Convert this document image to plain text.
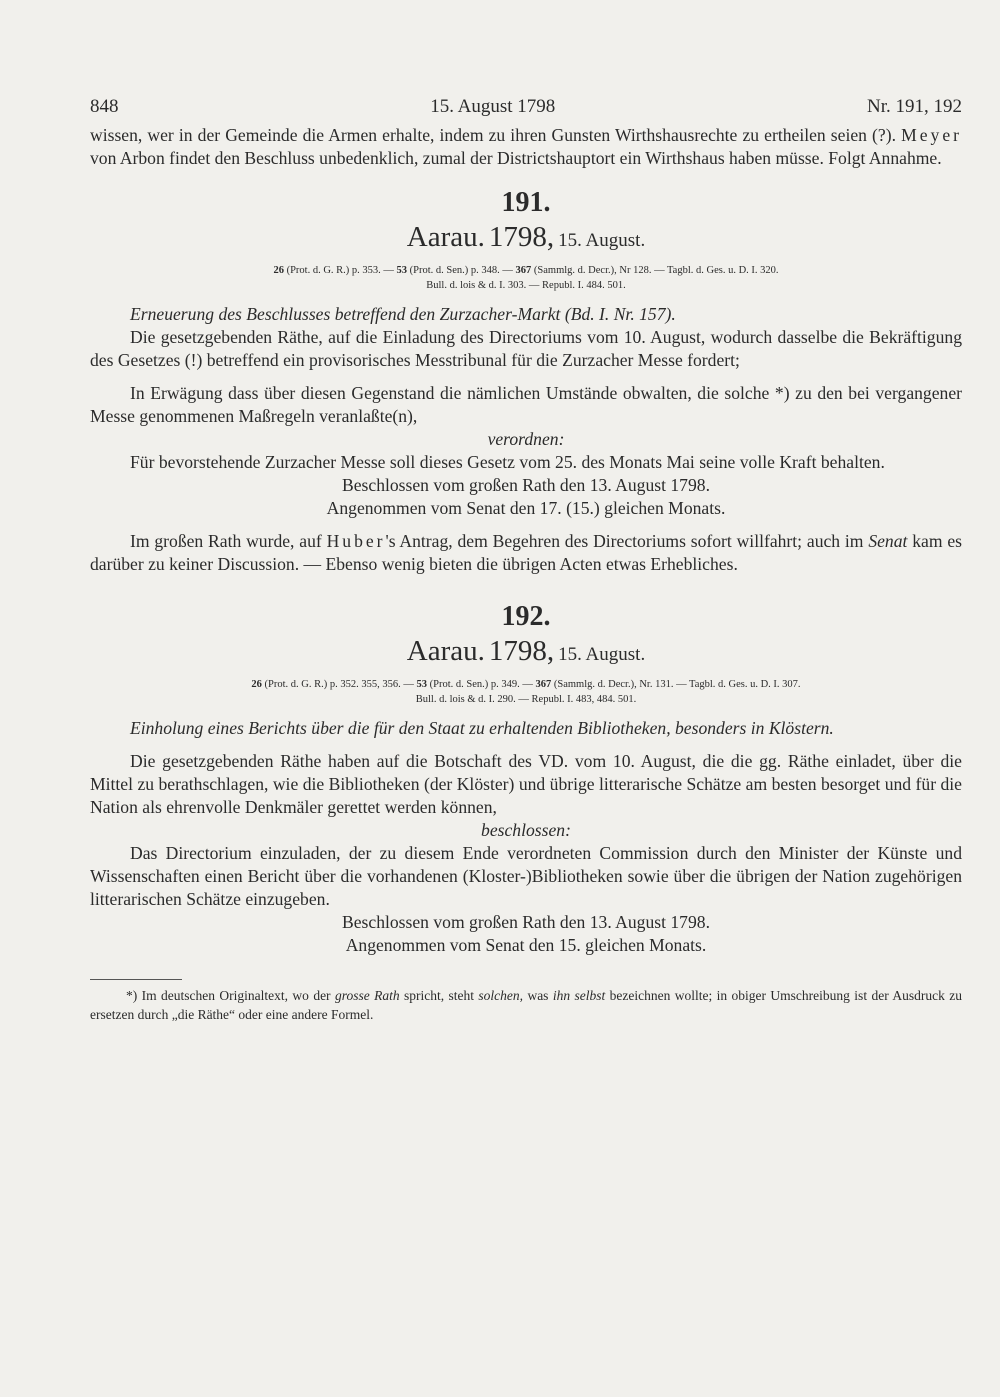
848	15. August 1798	Nr. 191, 192

wissen, wer in der Gemeinde die Armen erhalte, indem zu ihren Gunsten Wirthshausrechte zu ertheilen seien (?). Meyer von Arbon findet den Beschluss unbedenklich, zumal der Districtshauptort ein Wirthshaus haben müsse. Folgt Annahme.

191.
Aarau. 1798, 15. August.
26 (Prot. d. G. R.) p. 353. — 53 (Prot. d. Sen.) p. 348. — 367 (Sammlg. d. Decr.), Nr 128. — Tagbl. d. Ges. u. D. I. 320.
Bull. d. lois & d. I. 303. — Republ. I. 484. 501.
Erneuerung des Beschlusses betreffend den Zurzacher-Markt (Bd. I. Nr. 157).

Die gesetzgebenden Räthe, auf die Einladung des Directoriums vom 10. August, wodurch dasselbe die Bekräftigung des Gesetzes (!) betreffend ein provisorisches Messtribunal für die Zurzacher Messe fordert;

In Erwägung dass über diesen Gegenstand die nämlichen Umstände obwalten, die solche *) zu den bei vergangener Messe genommenen Maßregeln veranlaßte(n),

verordnen:

Für bevorstehende Zurzacher Messe soll dieses Gesetz vom 25. des Monats Mai seine volle Kraft behalten.

Beschlossen vom großen Rath den 13. August 1798.

Angenommen vom Senat den 17. (15.) gleichen Monats.

Im großen Rath wurde, auf Huber's Antrag, dem Begehren des Directoriums sofort willfahrt; auch im Senat kam es darüber zu keiner Discussion. — Ebenso wenig bieten die übrigen Acten etwas Erhebliches.

192.
Aarau. 1798, 15. August.
26 (Prot. d. G. R.) p. 352. 355, 356. — 53 (Prot. d. Sen.) p. 349. — 367 (Sammlg. d. Decr.), Nr. 131. — Tagbl. d. Ges. u. D. I. 307.
Bull. d. lois & d. I. 290. — Republ. I. 483, 484. 501.
Einholung eines Berichts über die für den Staat zu erhaltenden Bibliotheken, besonders in Klöstern.

Die gesetzgebenden Räthe haben auf die Botschaft des VD. vom 10. August, die die gg. Räthe einladet, über die Mittel zu berathschlagen, wie die Bibliotheken (der Klöster) und übrige litterarische Schätze am besten besorget und für die Nation als ehrenvolle Denkmäler gerettet werden können,

beschlossen:

Das Directorium einzuladen, der zu diesem Ende verordneten Commission durch den Minister der Künste und Wissenschaften einen Bericht über die vorhandenen (Kloster-)Bibliotheken sowie über die übrigen der Nation zugehörigen litterarischen Schätze einzugeben.

Beschlossen vom großen Rath den 13. August 1798.

Angenommen vom Senat den 15. gleichen Monats.

*) Im deutschen Originaltext, wo der grosse Rath spricht, steht solchen, was ihn selbst bezeichnen wollte; in obiger Umschreibung ist der Ausdruck zu ersetzen durch „die Räthe“ oder eine andere Formel.
